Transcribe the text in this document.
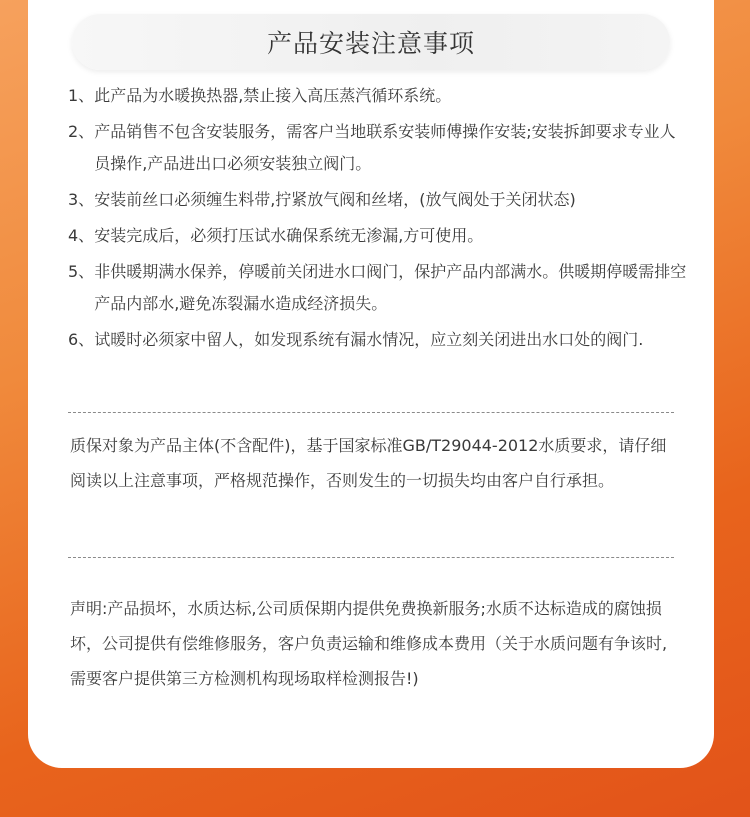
产品安装注意事项
1、 此产品为水暖换热器,禁止接入高压蒸汽循环系统。
2、 产品销售不包含安装服务，需客户当地联系安装师傅操作安装;安装拆卸要求专业人员操作,产品进出口必须安装独立阀门。
3、 安装前丝口必须缠生料带,拧紧放气阀和丝堵，(放气阀处于关闭状态)
4、 安装完成后，必须打压试水确保系统无渗漏,方可使用。
5、 非供暖期满水保养，停暖前关闭进水口阀门，保护产品内部满水。供暖期停暖需排空产品内部水,避免冻裂漏水造成经济损失。
6、 试暖时必须家中留人，如发现系统有漏水情况，应立刻关闭进出水口处的阀门.

质保对象为产品主体(不含配件)，基于国家标准GB/T29044-2012水质要求，请仔细阅读以上注意事项，严格规范操作，否则发生的一切损失均由客户自行承担。

声明:产品损坏，水质达标,公司质保期内提供免费换新服务;水质不达标造成的腐蚀损坏，公司提供有偿维修服务，客户负责运输和维修成本费用（关于水质问题有争该时,需要客户提供第三方检测机构现场取样检测报告!)
